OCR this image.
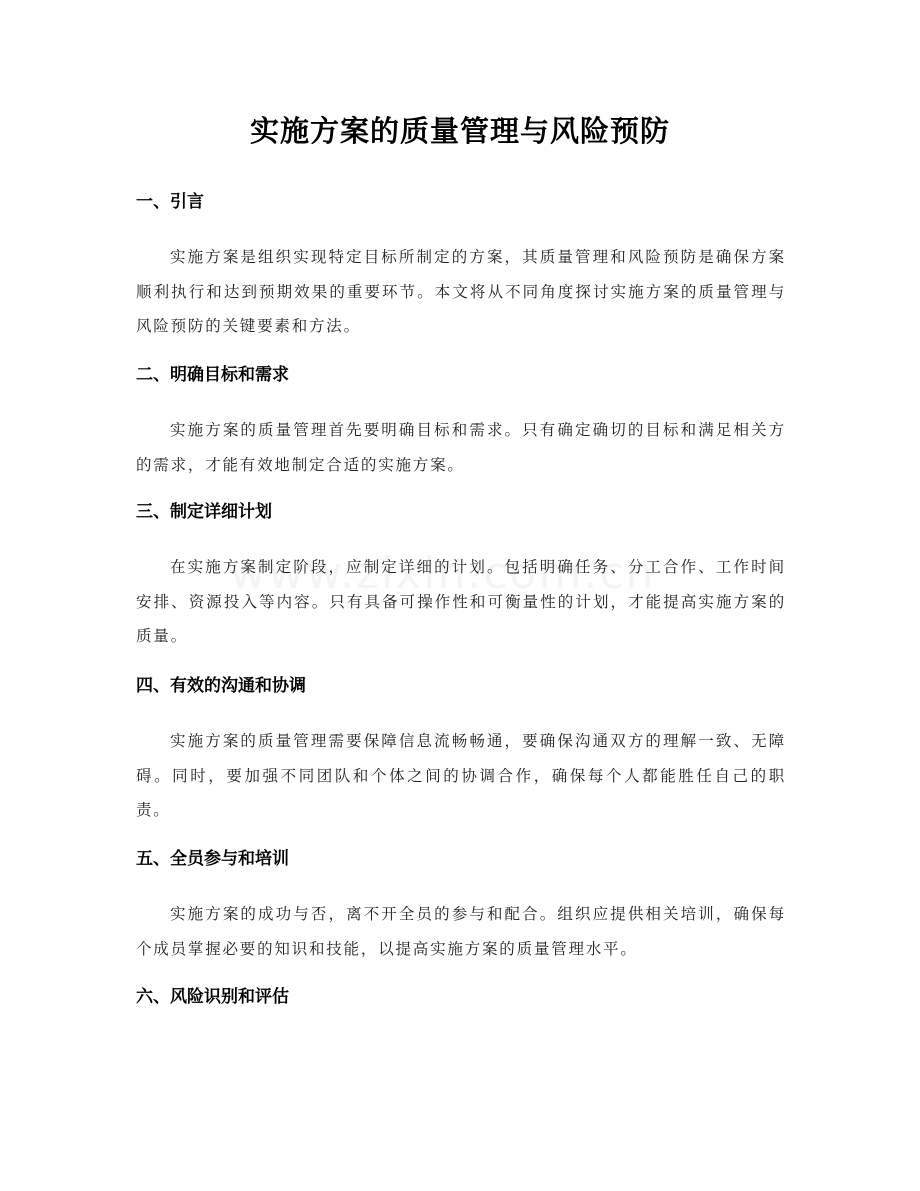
实施方案的质量管理与风险预防
一、引言

实施方案是组织实现特定目标所制定的方案，其质量管理和风险预防是确保方案顺利执行和达到预期效果的重要环节。本文将从不同角度探讨实施方案的质量管理与风险预防的关键要素和方法。

二、明确目标和需求

实施方案的质量管理首先要明确目标和需求。只有确定确切的目标和满足相关方的需求，才能有效地制定合适的实施方案。

三、制定详细计划

在实施方案制定阶段，应制定详细的计划。包括明确任务、分工合作、工作时间安排、资源投入等内容。只有具备可操作性和可衡量性的计划，才能提高实施方案的质量。

四、有效的沟通和协调

实施方案的质量管理需要保障信息流畅畅通，要确保沟通双方的理解一致、无障碍。同时，要加强不同团队和个体之间的协调合作，确保每个人都能胜任自己的职责。

五、全员参与和培训

实施方案的成功与否，离不开全员的参与和配合。组织应提供相关培训，确保每个成员掌握必要的知识和技能，以提高实施方案的质量管理水平。

六、风险识别和评估
